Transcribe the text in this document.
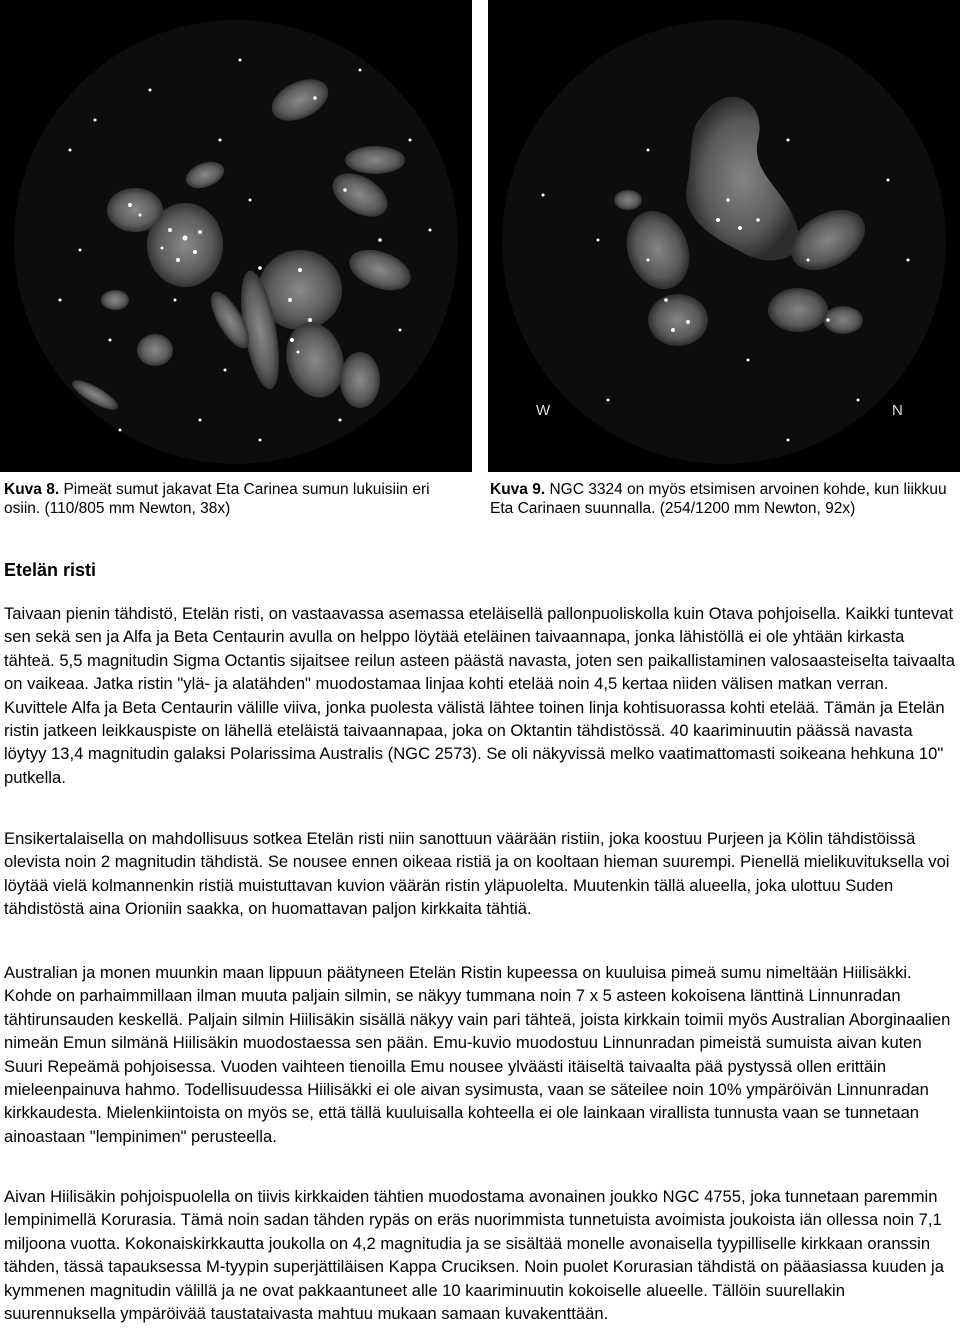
W	N
Kuva 8. Pimeät sumut jakavat Eta Carinea sumun lukuisiin eri osiin. (110/805 mm Newton, 38x)
Kuva 9. NGC 3324 on myös etsimisen arvoinen kohde, kun liikkuu Eta Carinaen suunnalla. (254/1200 mm Newton, 92x)
Etelän risti

Taivaan pienin tähdistö, Etelän risti, on vastaavassa asemassa eteläisellä pallonpuoliskolla kuin Otava pohjoisella. Kaikki tuntevat sen sekä sen ja Alfa ja Beta Centaurin avulla on helppo löytää eteläinen taivaannapa, jonka lähistöllä ei ole yhtään kirkasta tähteä. 5,5 magnitudin Sigma Octantis sijaitsee reilun asteen päästä navasta, joten sen paikallistaminen valosaasteiselta taivaalta on vaikeaa. Jatka ristin "ylä- ja alatähden" muodostamaa linjaa kohti etelää noin 4,5 kertaa niiden välisen matkan verran. Kuvittele Alfa ja Beta Centaurin välille viiva, jonka puolesta välistä lähtee toinen linja kohtisuorassa kohti etelää. Tämän ja Etelän ristin jatkeen leikkauspiste on lähellä eteläistä taivaannapaa, joka on Oktantin tähdistössä. 40 kaariminuutin päässä navasta löytyy 13,4 magnitudin galaksi Polarissima Australis (NGC 2573). Se oli näkyvissä melko vaatimattomasti soikeana hehkuna 10" putkella.

Ensikertalaisella on mahdollisuus sotkea Etelän risti niin sanottuun väärään ristiin, joka koostuu Purjeen ja Kölin tähdistöissä olevista noin 2 magnitudin tähdistä. Se nousee ennen oikeaa ristiä ja on kooltaan hieman suurempi. Pienellä mielikuvituksella voi löytää vielä kolmannenkin ristiä muistuttavan kuvion väärän ristin yläpuolelta. Muutenkin tällä alueella, joka ulottuu Suden tähdistöstä aina Orioniin saakka, on huomattavan paljon kirkkaita tähtiä.

Australian ja monen muunkin maan lippuun päätyneen Etelän Ristin kupeessa on kuuluisa pimeä sumu nimeltään Hiilisäkki. Kohde on parhaimmillaan ilman muuta paljain silmin, se näkyy tummana noin 7 x 5 asteen kokoisena länttinä Linnunradan tähtirunsauden keskellä. Paljain silmin Hiilisäkin sisällä näkyy vain pari tähteä, joista kirkkain toimii myös Australian Aborginaalien nimeän Emun silmänä Hiilisäkin muodostaessa sen pään. Emu-kuvio muodostuu Linnunradan pimeistä sumuista aivan kuten Suuri Repeämä pohjoisessa. Vuoden vaihteen tienoilla Emu nousee ylväästi itäiseltä taivaalta pää pystyssä ollen erittäin mieleenpainuva hahmo. Todellisuudessa Hiilisäkki ei ole aivan sysimusta, vaan se säteilee noin 10% ympäröivän Linnunradan kirkkaudesta. Mielenkiintoista on myös se, että tällä kuuluisalla kohteella ei ole lainkaan virallista tunnusta vaan se tunnetaan ainoastaan "lempinimen" perusteella.

Aivan Hiilisäkin pohjoispuolella on tiivis kirkkaiden tähtien muodostama avonainen joukko NGC 4755, joka tunnetaan paremmin lempinimellä Korurasia. Tämä noin sadan tähden rypäs on eräs nuorimmista tunnetuista avoimista joukoista iän ollessa noin 7,1 miljoona vuotta. Kokonaiskirkkautta joukolla on 4,2 magnitudia ja se sisältää monelle avonaisella tyypilliselle kirkkaan oranssin tähden, tässä tapauksessa M-tyypin superjättiläisen Kappa Cruciksen. Noin puolet Korurasian tähdistä on pääasiassa kuuden ja kymmenen magnitudin välillä ja ne ovat pakkaantuneet alle 10 kaariminuutin kokoiselle alueelle. Tällöin suurellakin suurennuksella ympäröivää taustataivasta mahtuu mukaan samaan kuvakenttään.
